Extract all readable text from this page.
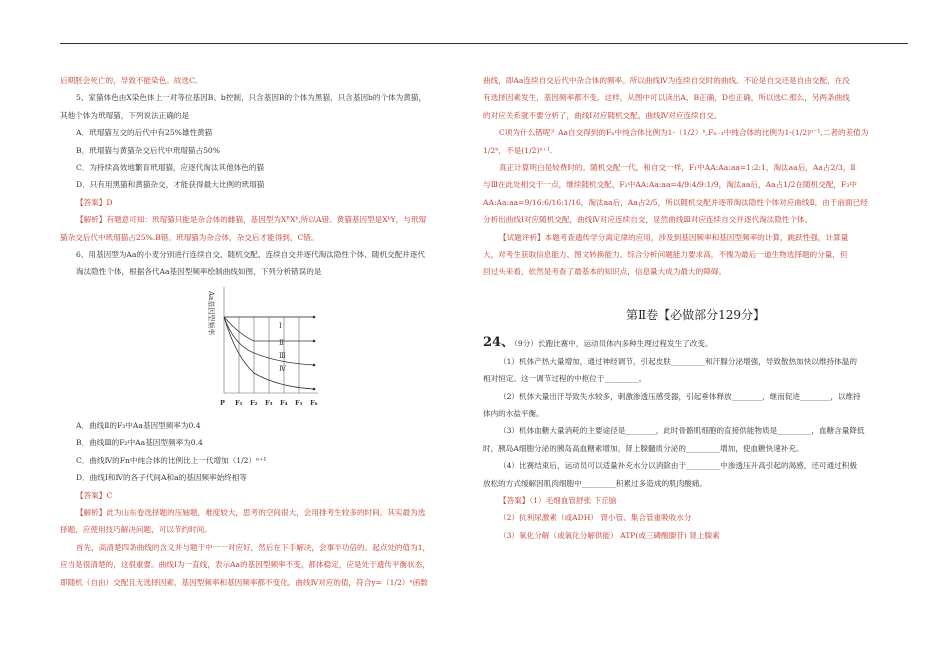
后期胚会死亡的，导致不能染色。故选C。

5、家猫体色由X染色体上一对等位基因B、b控制，只含基因B的个体为黑猫，只含基因b的个体为黄猫，

其他个体为玳瑁猫，下列说法正确的是

A．玳瑁猫互交的后代中有25%雄性黄猫

B．玳瑁猫与黄猫杂交后代中玳瑁猫占50%

C．为持续高效地繁育玳瑁猫，应逐代淘汰其他体色的猫

D．只有用黑猫和黄猫杂交，才能获得最大比例的玳瑁猫

【答案】D

【解析】有题意可知：玳瑁猫只能是杂合体的雌猫，基因型为XᴮXᵇ,所以A错。黄猫基因型是XᵇY，与玳瑁

猫杂交后代中玳瑁猫占25%.B错。玳瑁猫为杂合体，杂交后才能得到，C错。

6、用基因型为Aa的小麦分别进行连续自交、随机交配、连续自交并逐代淘汰隐性个体、随机交配并逐代

淘汰隐性个体，根据各代Aa基因型频率绘制曲线如图，下列分析错误的是

Ⅰ
Ⅱ
Ⅲ
Ⅳ
Aa基因型频率
P F₁ F₂ F₃ F₄ F₅ F₆

A．曲线Ⅱ的F₃中Aa基因型频率为0.4

B．曲线Ⅲ的F₂中Aa基因型频率为0.4

C．曲线Ⅳ的Fn中纯合体的比例比上一代增加（1/2）ⁿ⁺¹

D．曲线Ⅰ和Ⅳ的各子代间A和a的基因频率始终相等

【答案】C

【解析】此为山东卷选择题的压轴题，难度较大，思考的空间很大，会用排考生较多的时间。其实最为选

择题，应使用技巧解决问题，可以节约时间。

首先，高清楚四条曲线的含义并与题干中一一对应好，然后在下手解决，会事半功倍的。起点处的值为1，

应当是很清楚的，这很重要。曲线Ⅰ为一直线，表示Aa的基因型频率不变，都体稳定，应是处于遗传平衡状态，

即随机（自由）交配且无选择因素，基因型频率和基因频率都不变化。曲线Ⅳ对应的值，符合y=（1/2）ⁿ函数

曲线，即Aa连续自交后代中杂合体的频率。所以曲线Ⅳ为连续自交时的曲线。不论是自交还是自由交配，在没

有选择因素发生，基因频率都不变，这样，从图中可以读出A、B正确，D也正确，所以选C.那么，另两条曲线

的对应关系就不要分析了，曲线Ⅰ对应随机交配，曲线Ⅳ对应连续自交。

C项为什么错呢？Aa自交得到的Fₙ中纯合体比例为1-（1/2）ⁿ,Fₙ₋₁中纯合体的比例为1-(1/2)ⁿ⁻¹,二者的差值为

1/2ⁿ，不是(1/2)ⁿ⁺¹.

真正计算明白是较费时的。随机交配一代，和自交一样，F₁中AA:Aa:aa=1:2:1，淘汰aa后，Aa占2/3，Ⅱ

与Ⅲ在此处相交于一点，继续随机交配，F₂中AA:Aa:aa=4/9:4/9:1/9，淘汰aa后，Aa占1/2在随机交配，F₃中

AA:Aa:aa=9/16:6/16:1/16，淘汰aa后，Aa占2/5，所以随机交配并逐带淘汰隐性个体对应曲线Ⅱ，由于前面已经

分析出曲线Ⅰ对应随机交配，曲线Ⅳ对应连续自交，显然曲线Ⅲ对应连续自交并逐代淘汰隐性个体。

【试题评析】本题考查遗传学分离定律的应用，涉及到基因频率和基因型频率的计算，跳跃性强，计算量

大，对考生获取信息能力、图文转换能力、综合分析问题能力要求高，不愧为最后一道生物选择题的分量，但

回过头来看，依然是考查了最基本的知识点，信息量大成为最大的障碍。

第Ⅱ卷【必做部分129分】

24、（9分）长跑比赛中，运动员体内多种生理过程发生了改变。

（1）机体产热大量增加，通过神经调节，引起皮肤_________和汗腺分泌增强，导致散热加快以维持体温的

相对恒定。这一调节过程的中枢位于_________。

（2）机体大量出汗导致失水较多，刺激渗透压感受器，引起垂体释放________，继而促进________，以维持

体内的水盐平衡。

（3）机体血糖大量消耗的主要途径是________，此时骨骼肌细胞的直接供能物质是_________，血糖含量降低

时，胰岛A细胞分泌的胰岛高血糖素增加，肾上腺髓质分泌的_________增加，使血糖快速补充。

（4）比赛结束后，运动员可以适量补充水分以消除由于_________中渗透压升高引起的渴感，还可通过积极

放松的方式缓解因肌肉细胞中_________积累过多造成的肌肉酸痛。

【答案】（1）毛细血管舒张 下丘脑

（2）抗利尿激素（或ADH） 肾小管、集合管重吸收水分

（3）氧化分解（或氧化分解供能） ATP(或三磷酸腺苷) 肾上腺素
